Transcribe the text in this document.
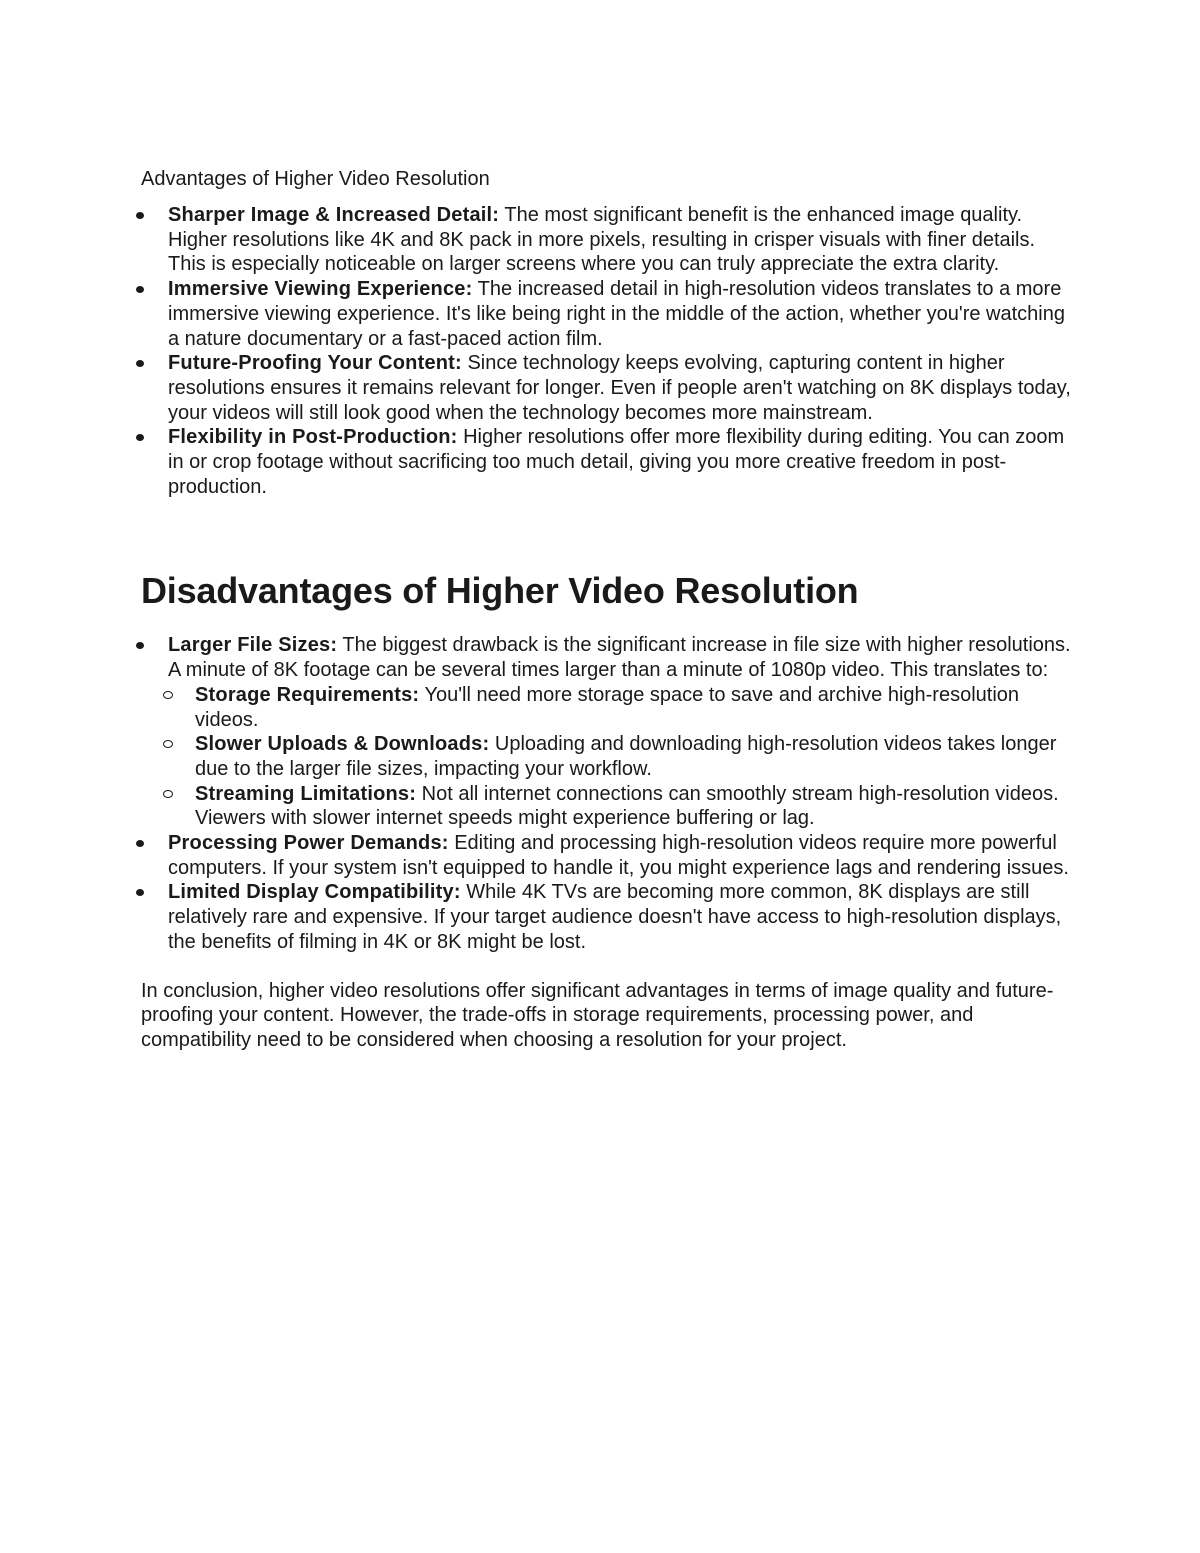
Advantages of Higher Video Resolution
Sharper Image & Increased Detail: The most significant benefit is the enhanced image quality. Higher resolutions like 4K and 8K pack in more pixels, resulting in crisper visuals with finer details. This is especially noticeable on larger screens where you can truly appreciate the extra clarity.
Immersive Viewing Experience: The increased detail in high-resolution videos translates to a more immersive viewing experience. It's like being right in the middle of the action, whether you're watching a nature documentary or a fast-paced action film.
Future-Proofing Your Content: Since technology keeps evolving, capturing content in higher resolutions ensures it remains relevant for longer. Even if people aren't watching on 8K displays today, your videos will still look good when the technology becomes more mainstream.
Flexibility in Post-Production: Higher resolutions offer more flexibility during editing. You can zoom in or crop footage without sacrificing too much detail, giving you more creative freedom in post-production.
Disadvantages of Higher Video Resolution
Larger File Sizes: The biggest drawback is the significant increase in file size with higher resolutions. A minute of 8K footage can be several times larger than a minute of 1080p video. This translates to:
Storage Requirements: You'll need more storage space to save and archive high-resolution videos.
Slower Uploads & Downloads: Uploading and downloading high-resolution videos takes longer due to the larger file sizes, impacting your workflow.
Streaming Limitations: Not all internet connections can smoothly stream high-resolution videos. Viewers with slower internet speeds might experience buffering or lag.
Processing Power Demands: Editing and processing high-resolution videos require more powerful computers. If your system isn't equipped to handle it, you might experience lags and rendering issues.
Limited Display Compatibility: While 4K TVs are becoming more common, 8K displays are still relatively rare and expensive. If your target audience doesn't have access to high-resolution displays, the benefits of filming in 4K or 8K might be lost.

In conclusion, higher video resolutions offer significant advantages in terms of image quality and future-proofing your content. However, the trade-offs in storage requirements, processing power, and compatibility need to be considered when choosing a resolution for your project.
